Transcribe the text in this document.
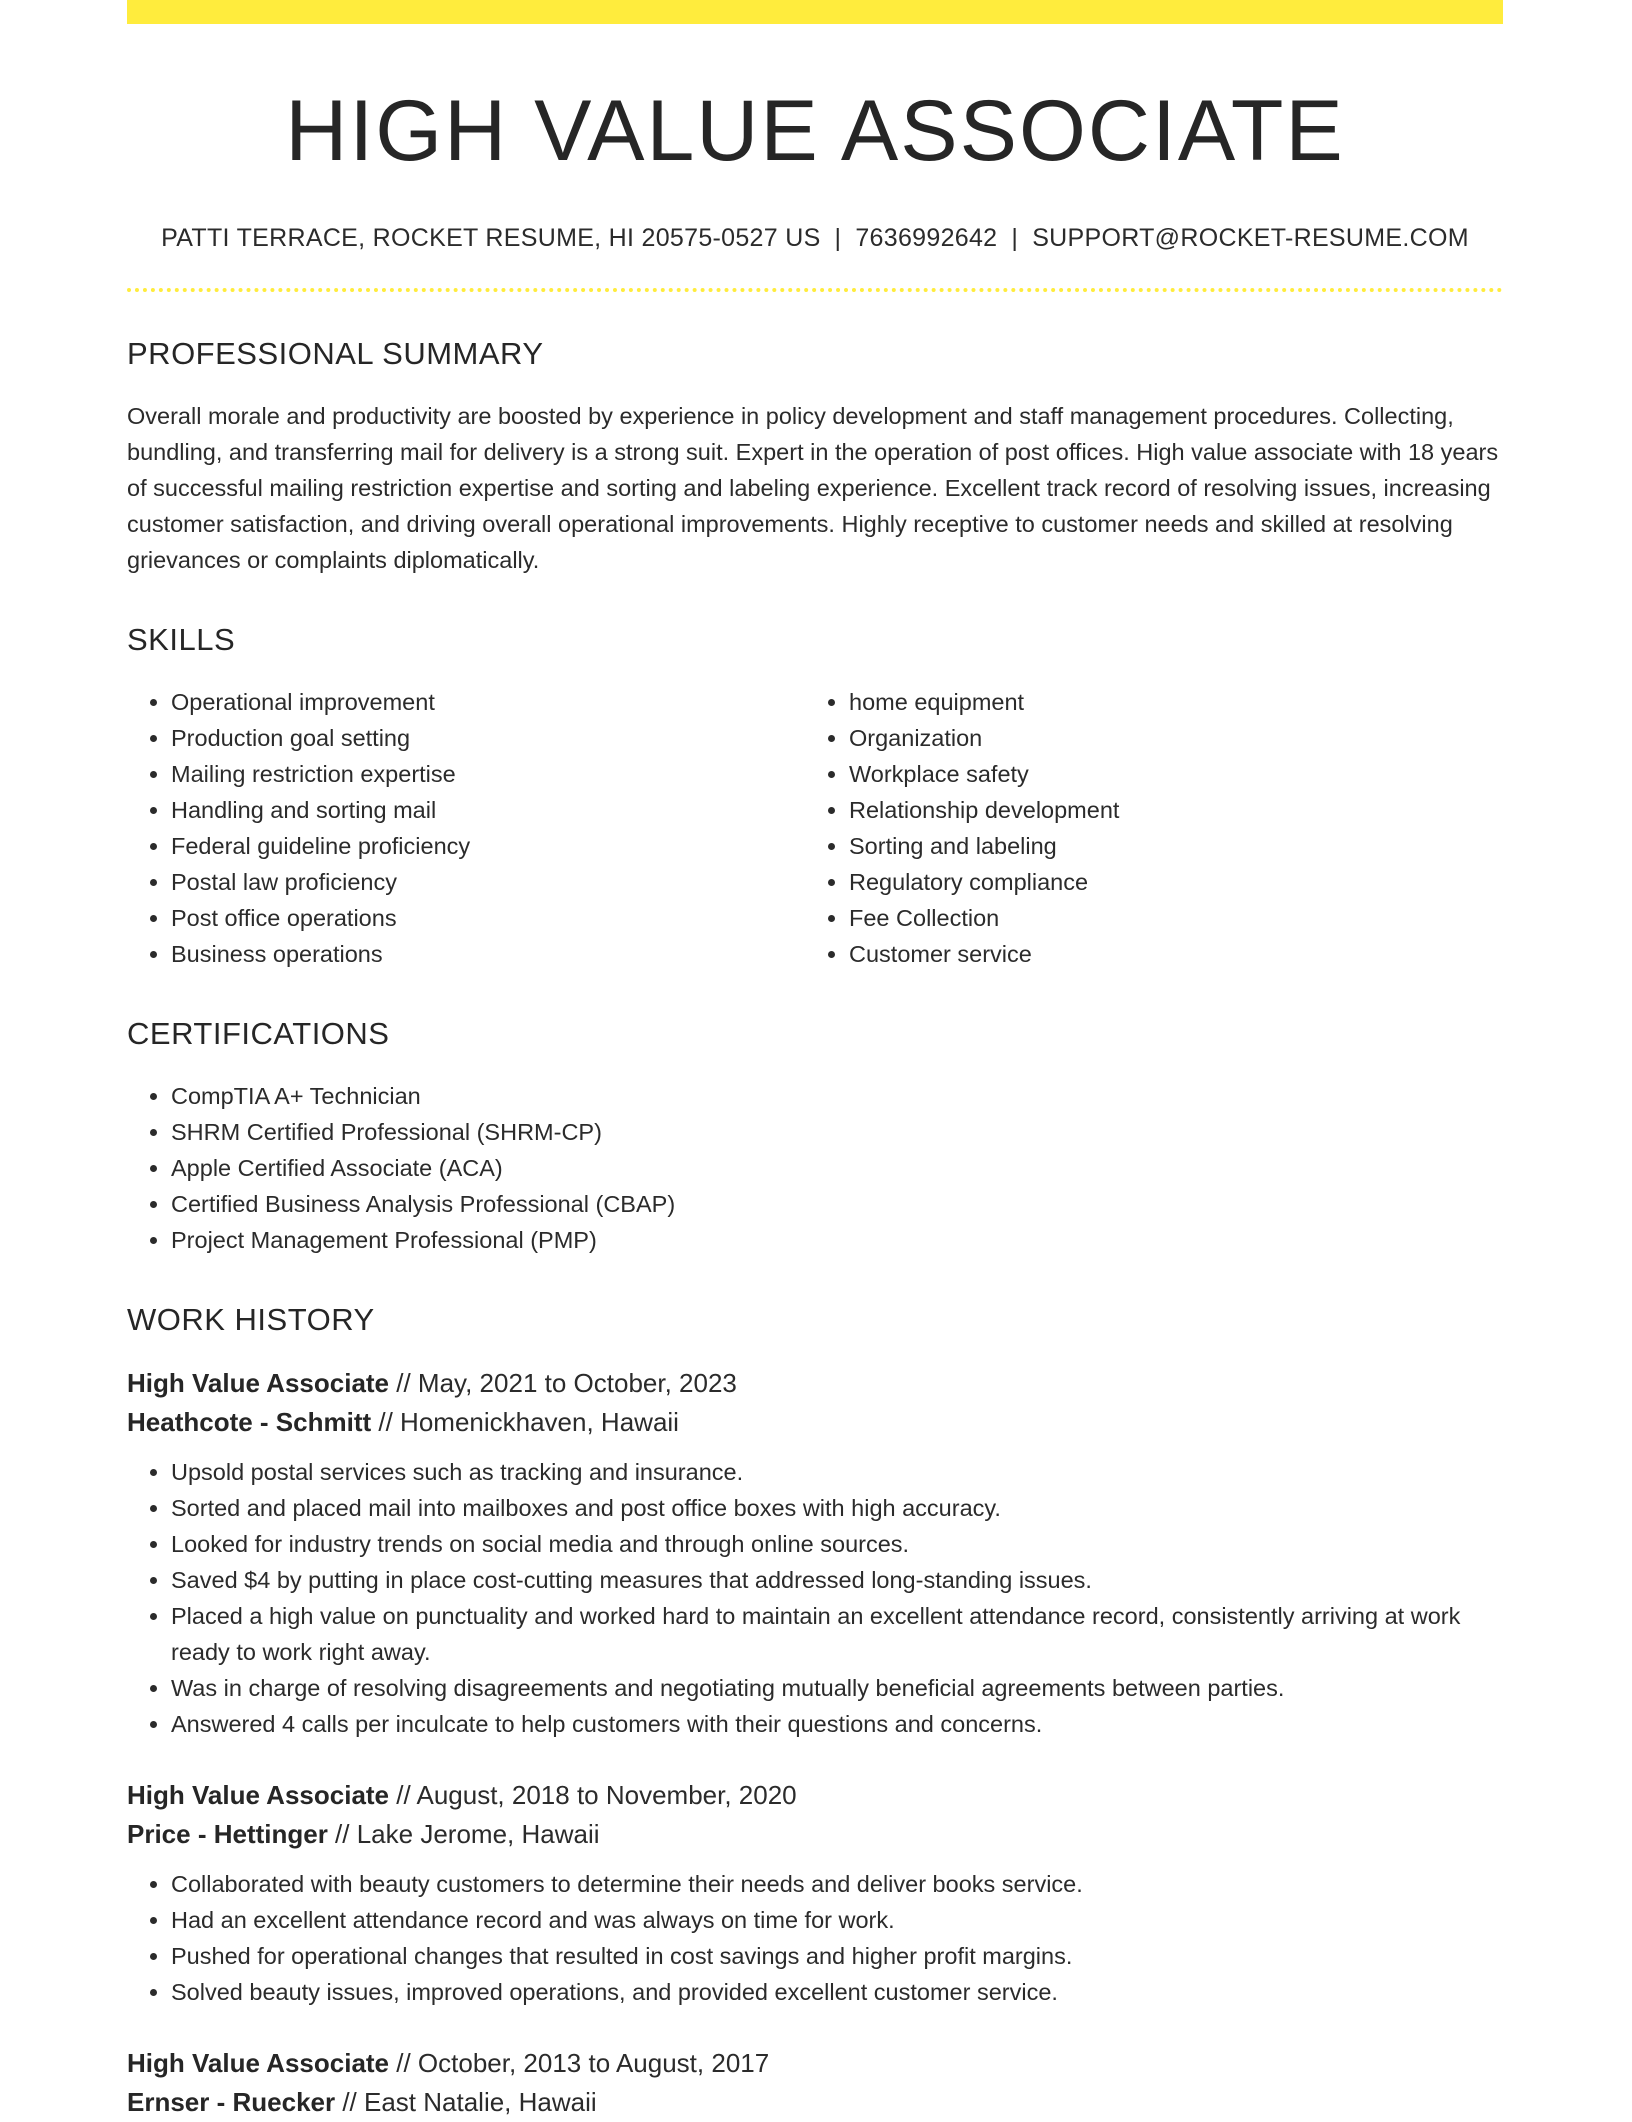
HIGH VALUE ASSOCIATE
PATTI TERRACE, ROCKET RESUME, HI 20575-0527 US | 7636992642 | SUPPORT@ROCKET-RESUME.COM
PROFESSIONAL SUMMARY

Overall morale and productivity are boosted by experience in policy development and staff management procedures. Collecting, bundling, and transferring mail for delivery is a strong suit. Expert in the operation of post offices. High value associate with 18 years of successful mailing restriction expertise and sorting and labeling experience. Excellent track record of resolving issues, increasing customer satisfaction, and driving overall operational improvements. Highly receptive to customer needs and skilled at resolving grievances or complaints diplomatically.

SKILLS
• Operational improvement
• Production goal setting
• Mailing restriction expertise
• Handling and sorting mail
• Federal guideline proficiency
• Postal law proficiency
• Post office operations
• Business operations
• home equipment
• Organization
• Workplace safety
• Relationship development
• Sorting and labeling
• Regulatory compliance
• Fee Collection
• Customer service
CERTIFICATIONS
• CompTIA A+ Technician
• SHRM Certified Professional (SHRM-CP)
• Apple Certified Associate (ACA)
• Certified Business Analysis Professional (CBAP)
• Project Management Professional (PMP)
WORK HISTORY
High Value Associate // May, 2021 to October, 2023
Heathcote - Schmitt // Homenickhaven, Hawaii
• Upsold postal services such as tracking and insurance.
• Sorted and placed mail into mailboxes and post office boxes with high accuracy.
• Looked for industry trends on social media and through online sources.
• Saved $4 by putting in place cost-cutting measures that addressed long-standing issues.
• Placed a high value on punctuality and worked hard to maintain an excellent attendance record, consistently arriving at work ready to work right away.
• Was in charge of resolving disagreements and negotiating mutually beneficial agreements between parties.
• Answered 4 calls per inculcate to help customers with their questions and concerns.
High Value Associate // August, 2018 to November, 2020
Price - Hettinger // Lake Jerome, Hawaii
• Collaborated with beauty customers to determine their needs and deliver books service.
• Had an excellent attendance record and was always on time for work.
• Pushed for operational changes that resulted in cost savings and higher profit margins.
• Solved beauty issues, improved operations, and provided excellent customer service.
High Value Associate // October, 2013 to August, 2017
Ernser - Ruecker // East Natalie, Hawaii
